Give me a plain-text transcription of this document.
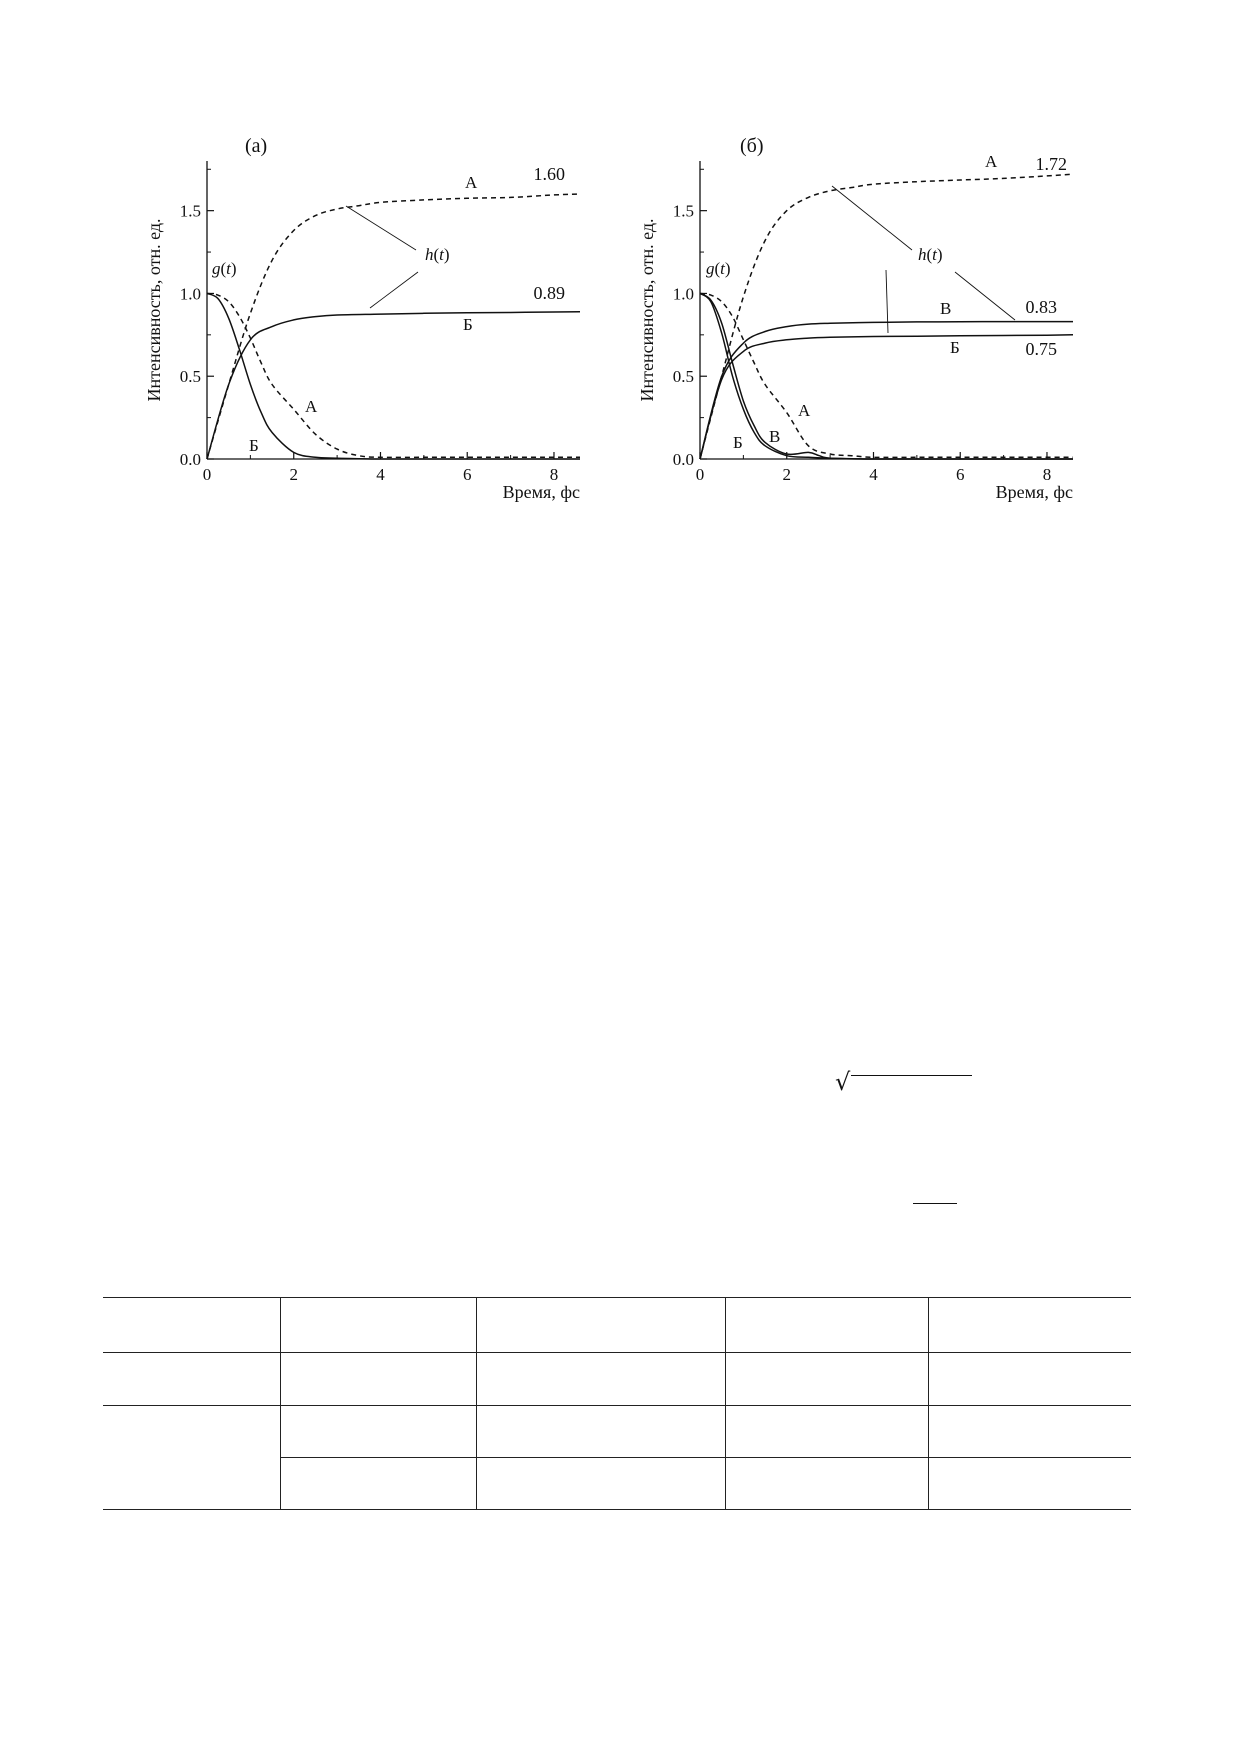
0.0
0.5
1.0
1.5
0	2	4	6	8
Время, фс
Интенсивность, отн. ед.
(а)
А
Б
А
Б
1.60
0.89
g(t)
h(t)
0.0
0.5
1.0
1.5
0	2	4	6	8
Время, фс
Интенсивность, отн. ед.
(б)
А
В
Б
А
В
Б
1.72
0.83
0.75
g(t)
h(t)
√
